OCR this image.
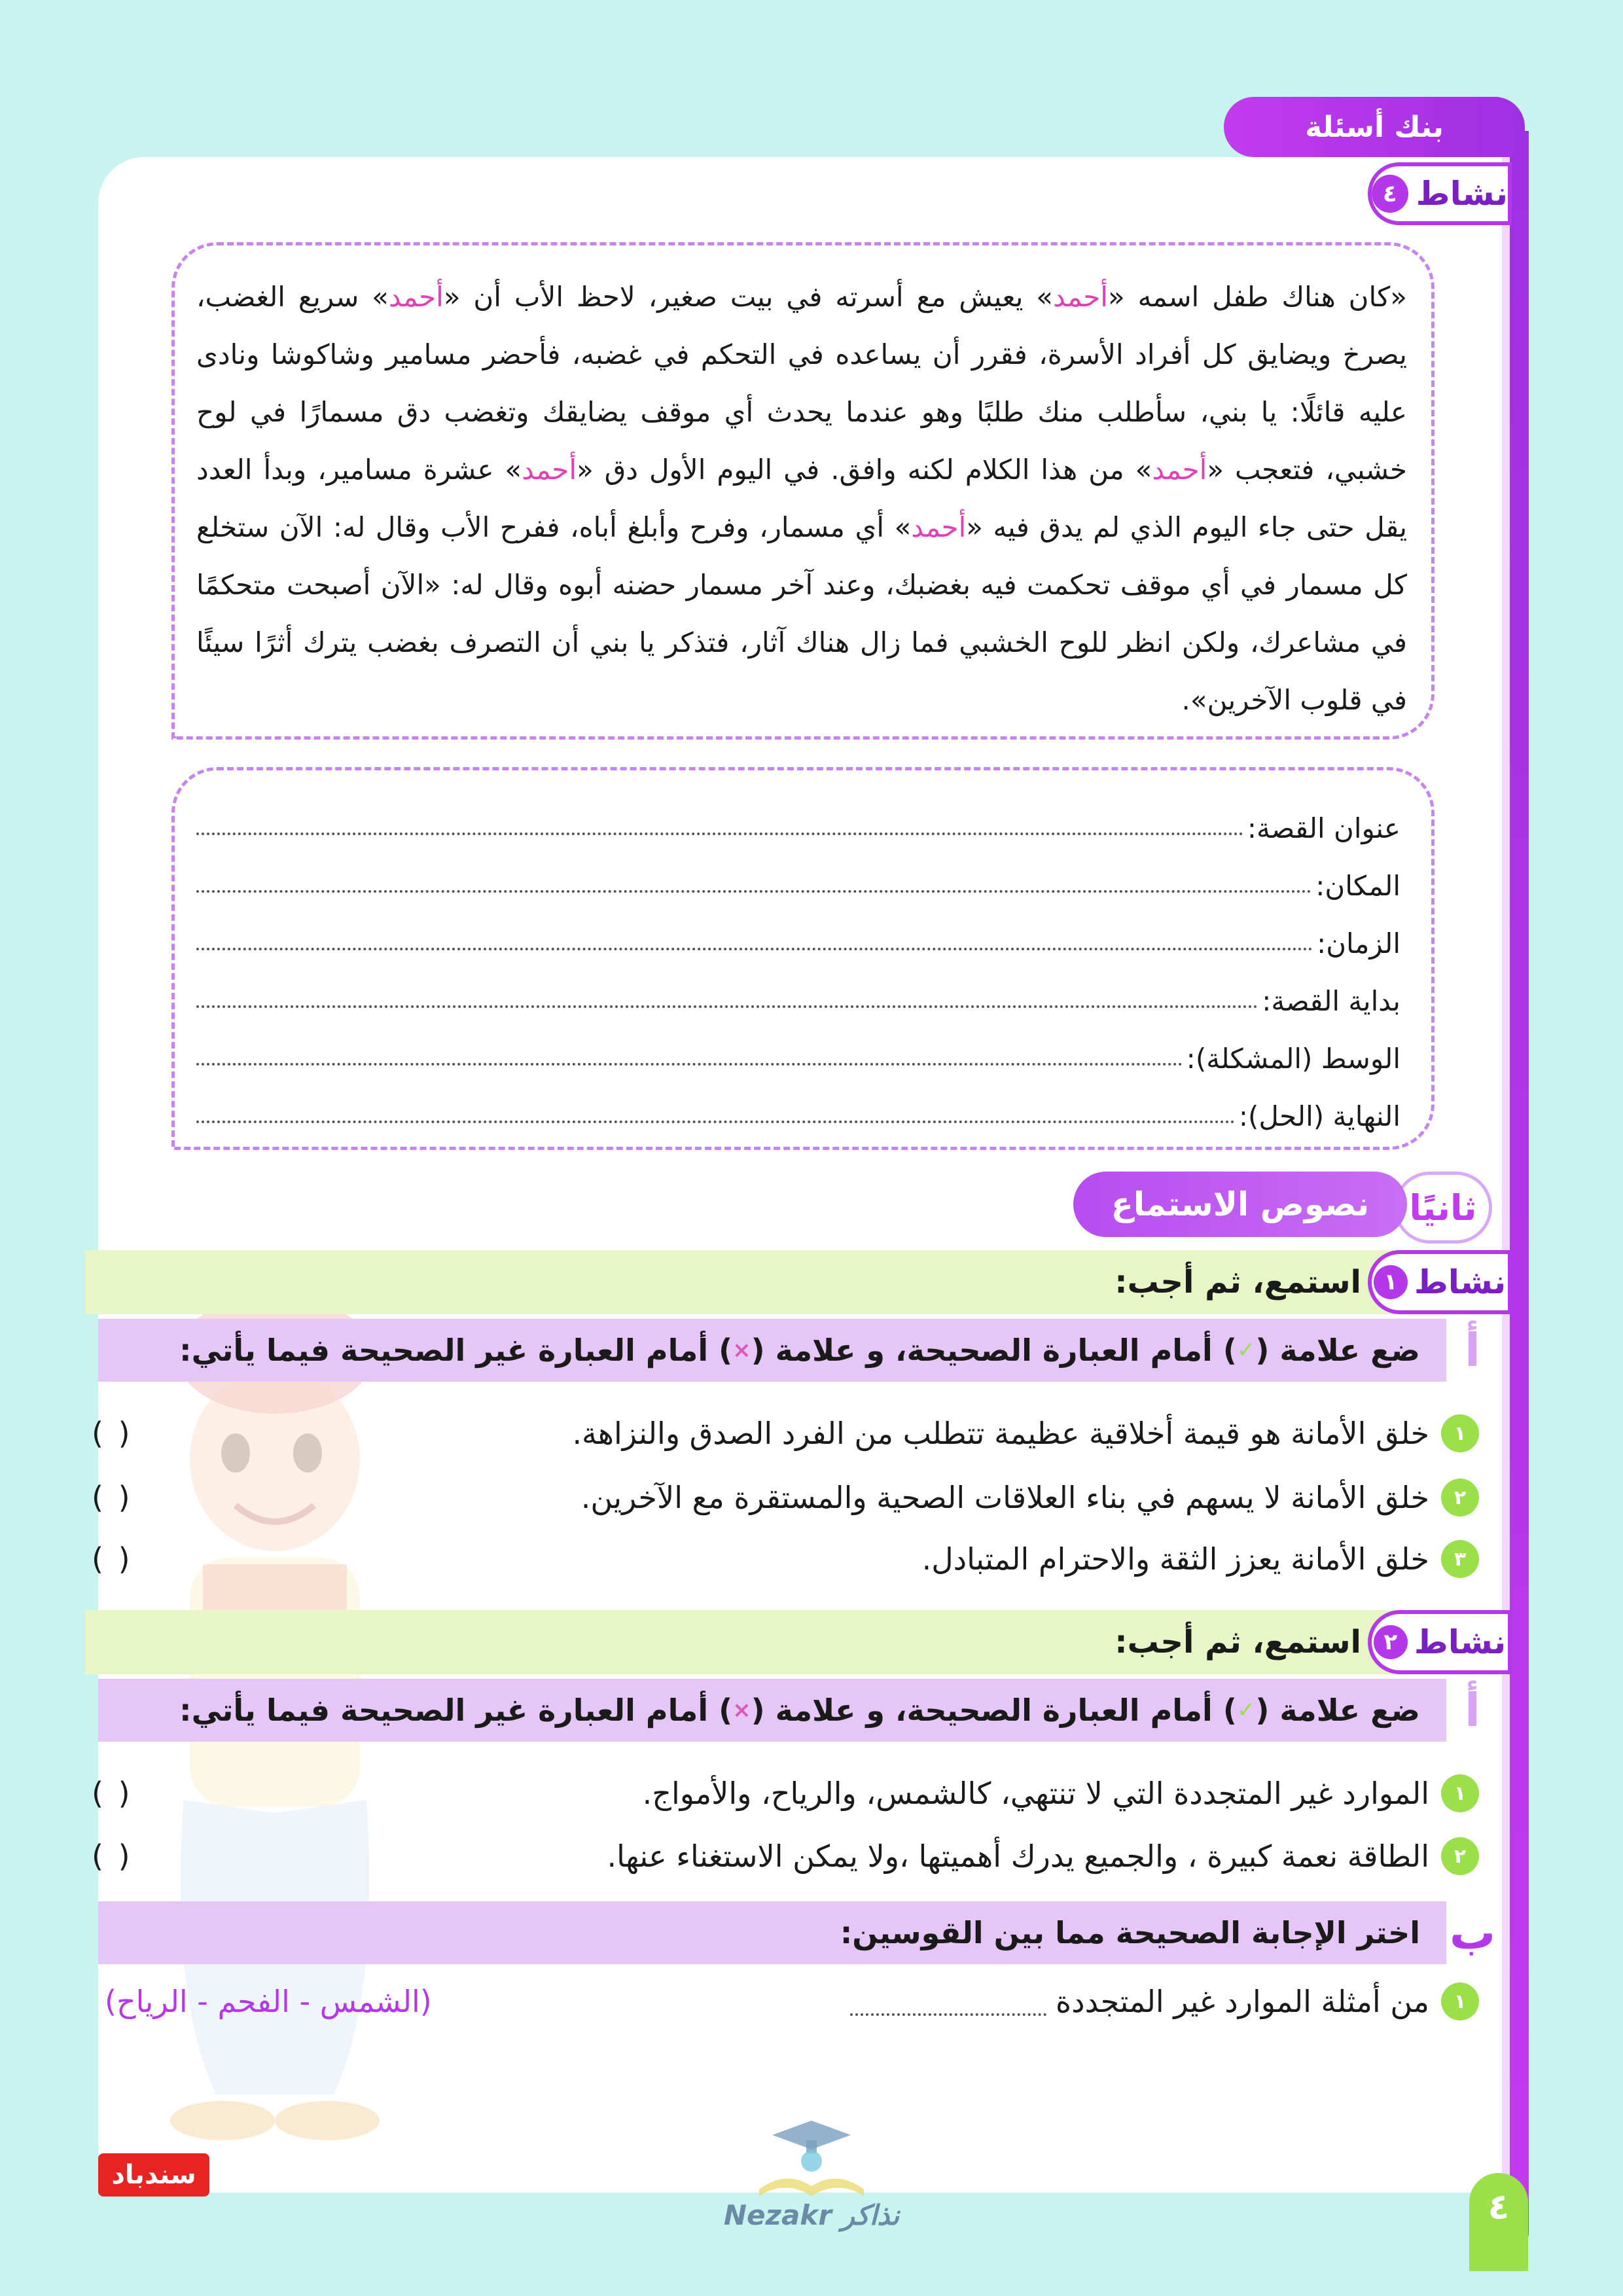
بنك أسئلة
نشاط
٤
«كان هناك طفل اسمه «أحمد» يعيش مع أسرته في بيت صغير، لاحظ الأب أن «أحمد» سريع الغضب، يصرخ ويضايق كل أفراد الأسرة، فقرر أن يساعده في التحكم في غضبه، فأحضر مسامير وشاكوشا ونادى عليه قائلًا: يا بني، سأطلب منك طلبًا وهو عندما يحدث أي موقف يضايقك وتغضب دق مسمارًا في لوح خشبي، فتعجب «أحمد» من هذا الكلام لكنه وافق. في اليوم الأول دق «أحمد» عشرة مسامير، وبدأ العدد يقل حتى جاء اليوم الذي لم يدق فيه «أحمد» أي مسمار، وفرح وأبلغ أباه، ففرح الأب وقال له: الآن ستخلع كل مسمار في أي موقف تحكمت فيه بغضبك، وعند آخر مسمار حضنه أبوه وقال له: «الآن أصبحت متحكمًا في مشاعرك، ولكن انظر للوح الخشبي فما زال هناك آثار، فتذكر يا بني أن التصرف بغضب يترك أثرًا سيئًا في قلوب الآخرين».
عنوان القصة:
المكان:
الزمان:
بداية القصة:
الوسط (المشكلة):
النهاية (الحل):
ثانيًا
نصوص الاستماع
استمع، ثم أجب: نشاط
١
أ
ضع علامة (
✓
) أمام العبارة الصحيحة، و علامة (
×
) أمام العبارة غير الصحيحة فيما يأتي:
١
خلق الأمانة هو قيمة أخلاقية عظيمة تتطلب من الفرد الصدق والنزاهة.
( )
٢
خلق الأمانة لا يسهم في بناء العلاقات الصحية والمستقرة مع الآخرين.
( )
٣
خلق الأمانة يعزز الثقة والاحترام المتبادل.
( )
استمع، ثم أجب: نشاط
٢
أ
ضع علامة (
✓
) أمام العبارة الصحيحة، و علامة (
×
) أمام العبارة غير الصحيحة فيما يأتي:
١
الموارد غير المتجددة التي لا تنتهي، كالشمس، والرياح، والأمواج.
( )
٢
الطاقة نعمة كبيرة ، والجميع يدرك أهميتها ،ولا يمكن الاستغناء عنها.
( )
ب
اختر الإجابة الصحيحة مما بين القوسين:
١
من أمثلة الموارد غير المتجددة
(الشمس - الفحم - الرياح)
سندباد
Nezakr نذاكر	٤
